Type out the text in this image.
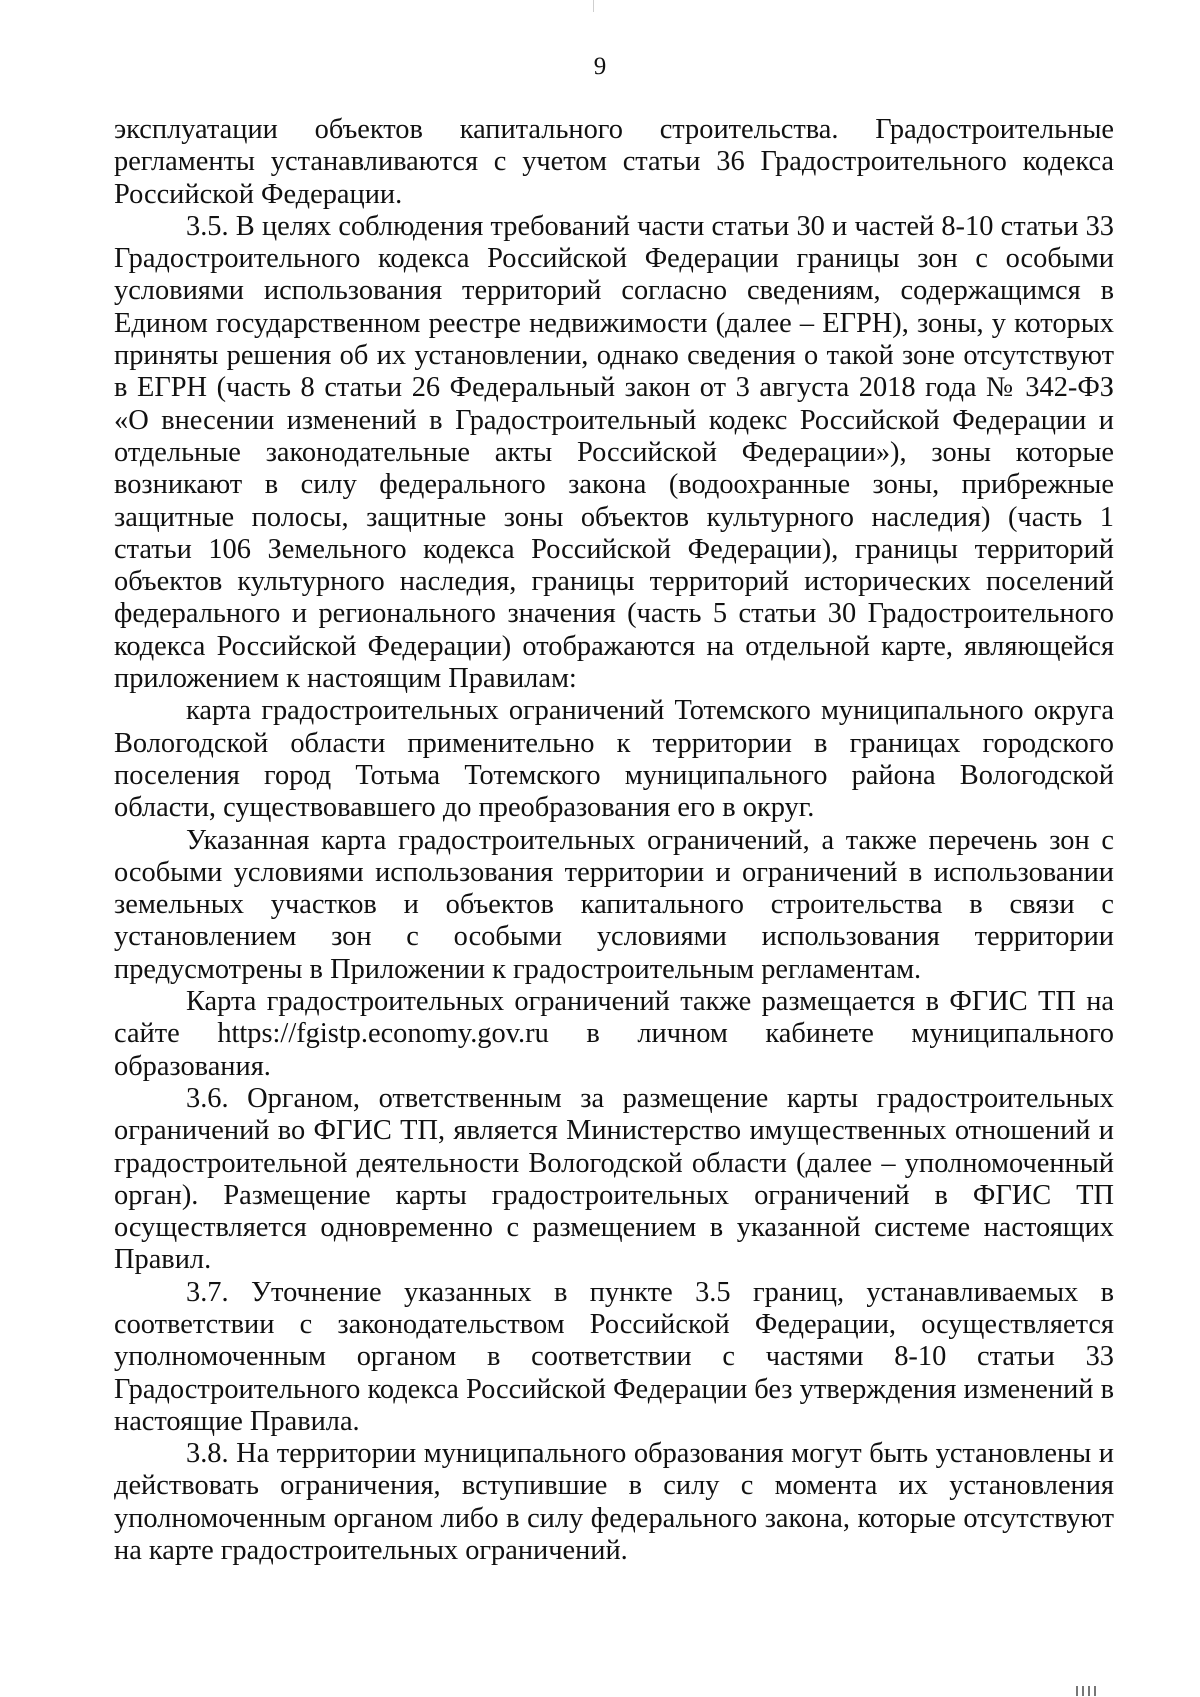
9

эксплуатации объектов капитального строительства. Градостроительные регламенты устанавливаются с учетом статьи 36 Градостроительного кодекса Российской Федерации.

3.5. В целях соблюдения требований части статьи 30 и частей 8-10 статьи 33 Градостроительного кодекса Российской Федерации границы зон с особыми условиями использования территорий согласно сведениям, содержащимся в Едином государственном реестре недвижимости (далее – ЕГРН), зоны, у которых приняты решения об их установлении, однако сведения о такой зоне отсутствуют в ЕГРН (часть 8 статьи 26 Федеральный закон от 3 августа 2018 года № 342-ФЗ «О внесении изменений в Градостроительный кодекс Российской Федерации и отдельные законодательные акты Российской Федерации»), зоны которые возникают в силу федерального закона (водоохранные зоны, прибрежные защитные полосы, защитные зоны объектов культурного наследия) (часть 1 статьи 106 Земельного кодекса Российской Федерации), границы территорий объектов культурного наследия, границы территорий исторических поселений федерального и регионального значения (часть 5 статьи 30 Градостроительного кодекса Российской Федерации) отображаются на отдельной карте, являющейся приложением к настоящим Правилам:

карта градостроительных ограничений Тотемского муниципального округа Вологодской области применительно к территории в границах городского поселения город Тотьма Тотемского муниципального района Вологодской области, существовавшего до преобразования его в округ.

Указанная карта градостроительных ограничений, а также перечень зон с особыми условиями использования территории и ограничений в использовании земельных участков и объектов капитального строительства в связи с установлением зон с особыми условиями использования территории предусмотрены в Приложении к градостроительным регламентам.

Карта градостроительных ограничений также размещается в ФГИС ТП на сайте https://fgistp.economy.gov.ru в личном кабинете муниципального образования.

3.6. Органом, ответственным за размещение карты градостроительных ограничений во ФГИС ТП, является Министерство имущественных отношений и градостроительной деятельности Вологодской области (далее – уполномоченный орган). Размещение карты градостроительных ограничений в ФГИС ТП осуществляется одновременно с размещением в указанной системе настоящих Правил.

3.7. Уточнение указанных в пункте 3.5 границ, устанавливаемых в соответствии с законодательством Российской Федерации, осуществляется уполномоченным органом в соответствии с частями 8-10 статьи 33 Градостроительного кодекса Российской Федерации без утверждения изменений в настоящие Правила.

3.8. На территории муниципального образования могут быть установлены и действовать ограничения, вступившие в силу с момента их установления уполномоченным органом либо в силу федерального закона, которые отсутствуют на карте градостроительных ограничений.
